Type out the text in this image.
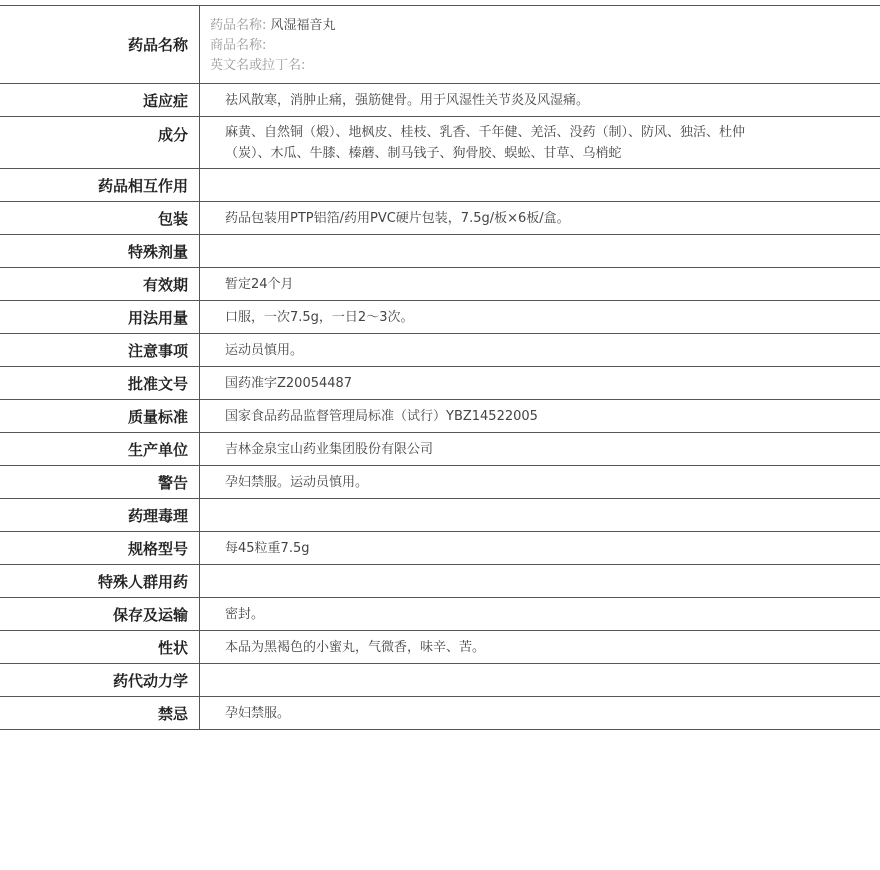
药品名称
药品名称: 风湿福音丸
商品名称:
英文名或拉丁名:
适应症	祛风散寒，消肿止痛，强筋健骨。用于风湿性关节炎及风湿痛。
成分	麻黄、自然铜（煅）、地枫皮、桂枝、乳香、千年健、羌活、没药（制）、防风、独活、杜仲（炭）、木瓜、牛膝、榛蘑、制马钱子、狗骨胶、蜈蚣、甘草、乌梢蛇
药品相互作用
包装	药品包装用PTP铝箔/药用PVC硬片包装，7.5g/板×6板/盒。
特殊剂量
有效期	暂定24个月
用法用量	口服，一次7.5g，一日2～3次。
注意事项	运动员慎用。
批准文号	国药准字Z20054487
质量标准	国家食品药品监督管理局标准（试行）YBZ14522005
生产单位	吉林金泉宝山药业集团股份有限公司
警告	孕妇禁服。运动员慎用。
药理毒理
规格型号	每45粒重7.5g
特殊人群用药
保存及运输	密封。
性状	本品为黑褐色的小蜜丸，气微香，味辛、苦。
药代动力学
禁忌	孕妇禁服。
